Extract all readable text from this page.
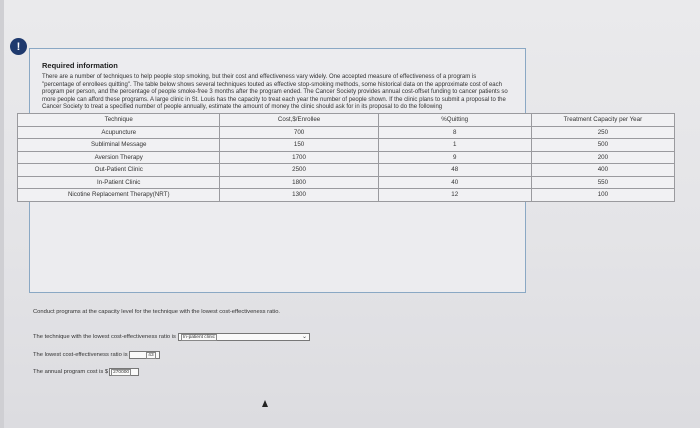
!
Required information
There are a number of techniques to help people stop smoking, but their cost and effectiveness vary widely. One accepted measure of effectiveness of a program is "percentage of enrollees quitting". The table below shows several techniques touted as effective stop-smoking methods, some historical data on the approximate cost of each program per person, and the percentage of people smoke-free 3 months after the program ended. The Cancer Society provides annual cost-offset funding to cancer patients so more people can afford these programs. A large clinic in St. Louis has the capacity to treat each year the number of people shown. If the clinic plans to submit a proposal to the Cancer Society to treat a specified number of people annually, estimate the amount of money the clinic should ask for in its proposal to do the following
Technique	Cost,$/Enrollee	%Quitting	Treatment Capacity per Year
Acupuncture	700	8	250
Subliminal Message	150	1	500
Aversion Therapy	1700	9	200
Out-Patient Clinic	2500	48	400
In-Patient Clinic	1800	40	550
Nicotine Replacement Therapy(NRT)	1300	12	100
Conduct programs at the capacity level for the technique with the lowest cost-effectiveness ratio.
The technique with the lowest cost-effectiveness ratio is	In-patient clinic	⌄
The lowest cost-effectiveness ratio is	43
The annual program cost is $	270000
